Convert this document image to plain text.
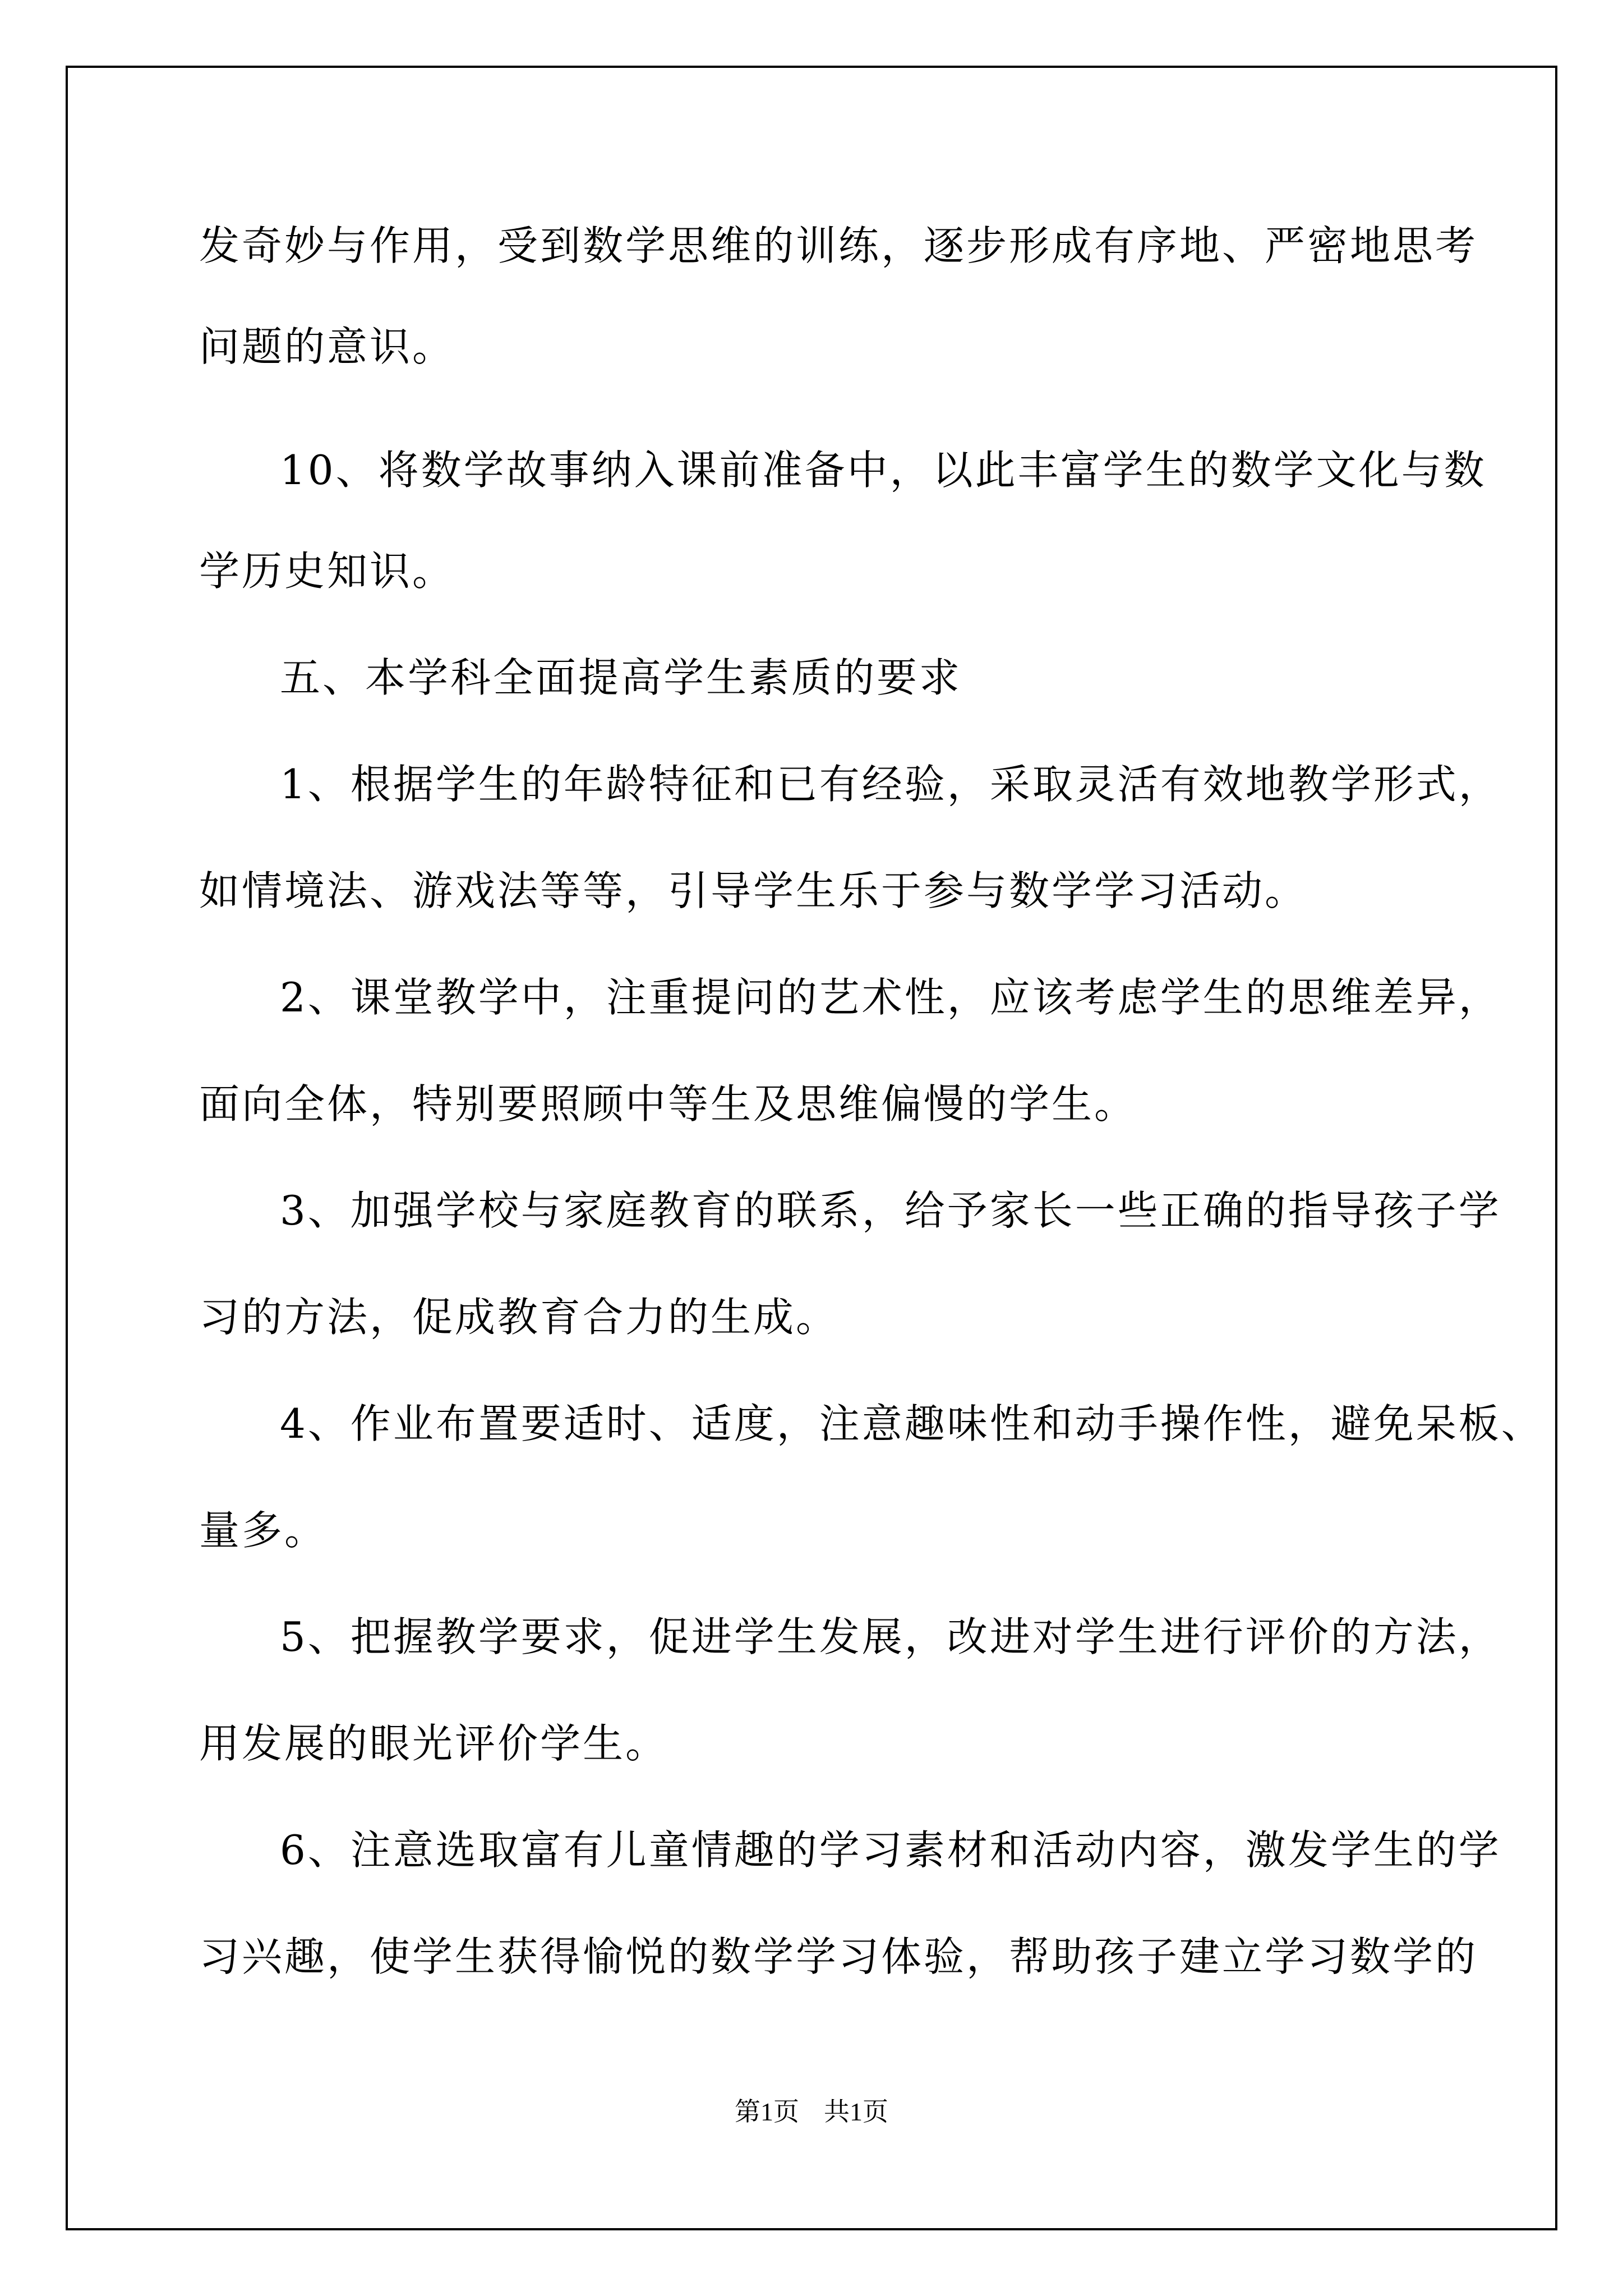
发奇妙与作用，受到数学思维的训练，逐步形成有序地、严密地思考
问题的意识。
10、将数学故事纳入课前准备中，以此丰富学生的数学文化与数
学历史知识。
五、本学科全面提高学生素质的要求
1、根据学生的年龄特征和已有经验，采取灵活有效地教学形式，
如情境法、游戏法等等，引导学生乐于参与数学学习活动。
2、课堂教学中，注重提问的艺术性，应该考虑学生的思维差异，
面向全体，特别要照顾中等生及思维偏慢的学生。
3、加强学校与家庭教育的联系，给予家长一些正确的指导孩子学
习的方法，促成教育合力的生成。
4、作业布置要适时、适度，注意趣味性和动手操作性，避免呆板、
量多。
5、把握教学要求，促进学生发展，改进对学生进行评价的方法，
用发展的眼光评价学生。
6、注意选取富有儿童情趣的学习素材和活动内容，激发学生的学
习兴趣，使学生获得愉悦的数学学习体验，帮助孩子建立学习数学的
第1页 共1页
